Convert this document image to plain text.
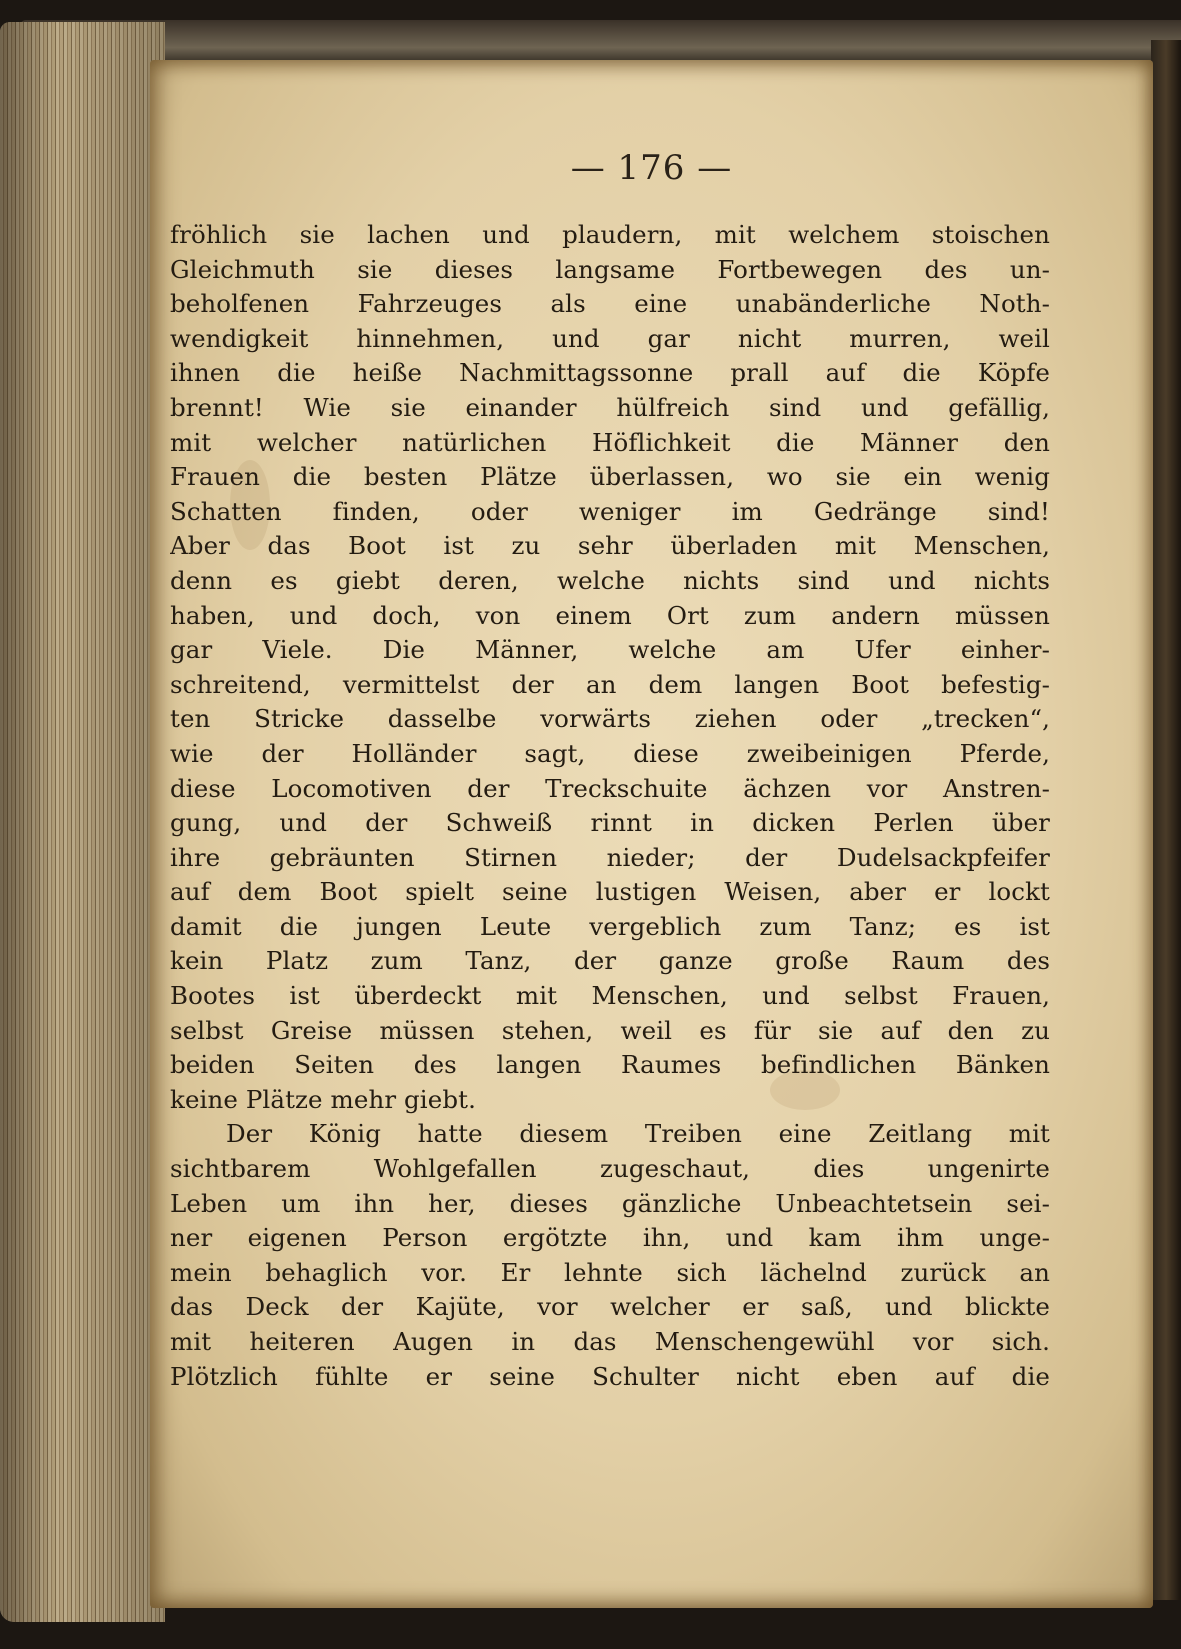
— 176 —
fröhlich sie lachen und plaudern, mit welchem stoischen
Gleichmuth sie dieses langsame Fortbewegen des un-
beholfenen Fahrzeuges als eine unabänderliche Noth-
wendigkeit hinnehmen, und gar nicht murren, weil
ihnen die heiße Nachmittagssonne prall auf die Köpfe
brennt! Wie sie einander hülfreich sind und gefällig,
mit welcher natürlichen Höflichkeit die Männer den
Frauen die besten Plätze überlassen, wo sie ein wenig
Schatten finden, oder weniger im Gedränge sind!
Aber das Boot ist zu sehr überladen mit Menschen,
denn es giebt deren, welche nichts sind und nichts
haben, und doch, von einem Ort zum andern müssen
gar Viele. Die Männer, welche am Ufer einher-
schreitend, vermittelst der an dem langen Boot befestig-
ten Stricke dasselbe vorwärts ziehen oder „trecken“,
wie der Holländer sagt, diese zweibeinigen Pferde,
diese Locomotiven der Treckschuite ächzen vor Anstren-
gung, und der Schweiß rinnt in dicken Perlen über
ihre gebräunten Stirnen nieder; der Dudelsackpfeifer
auf dem Boot spielt seine lustigen Weisen, aber er lockt
damit die jungen Leute vergeblich zum Tanz; es ist
kein Platz zum Tanz, der ganze große Raum des
Bootes ist überdeckt mit Menschen, und selbst Frauen,
selbst Greise müssen stehen, weil es für sie auf den zu
beiden Seiten des langen Raumes befindlichen Bänken
keine Plätze mehr giebt.
Der König hatte diesem Treiben eine Zeitlang mit
sichtbarem Wohlgefallen zugeschaut, dies ungenirte
Leben um ihn her, dieses gänzliche Unbeachtetsein sei-
ner eigenen Person ergötzte ihn, und kam ihm unge-
mein behaglich vor. Er lehnte sich lächelnd zurück an
das Deck der Kajüte, vor welcher er saß, und blickte
mit heiteren Augen in das Menschengewühl vor sich.
Plötzlich fühlte er seine Schulter nicht eben auf die
